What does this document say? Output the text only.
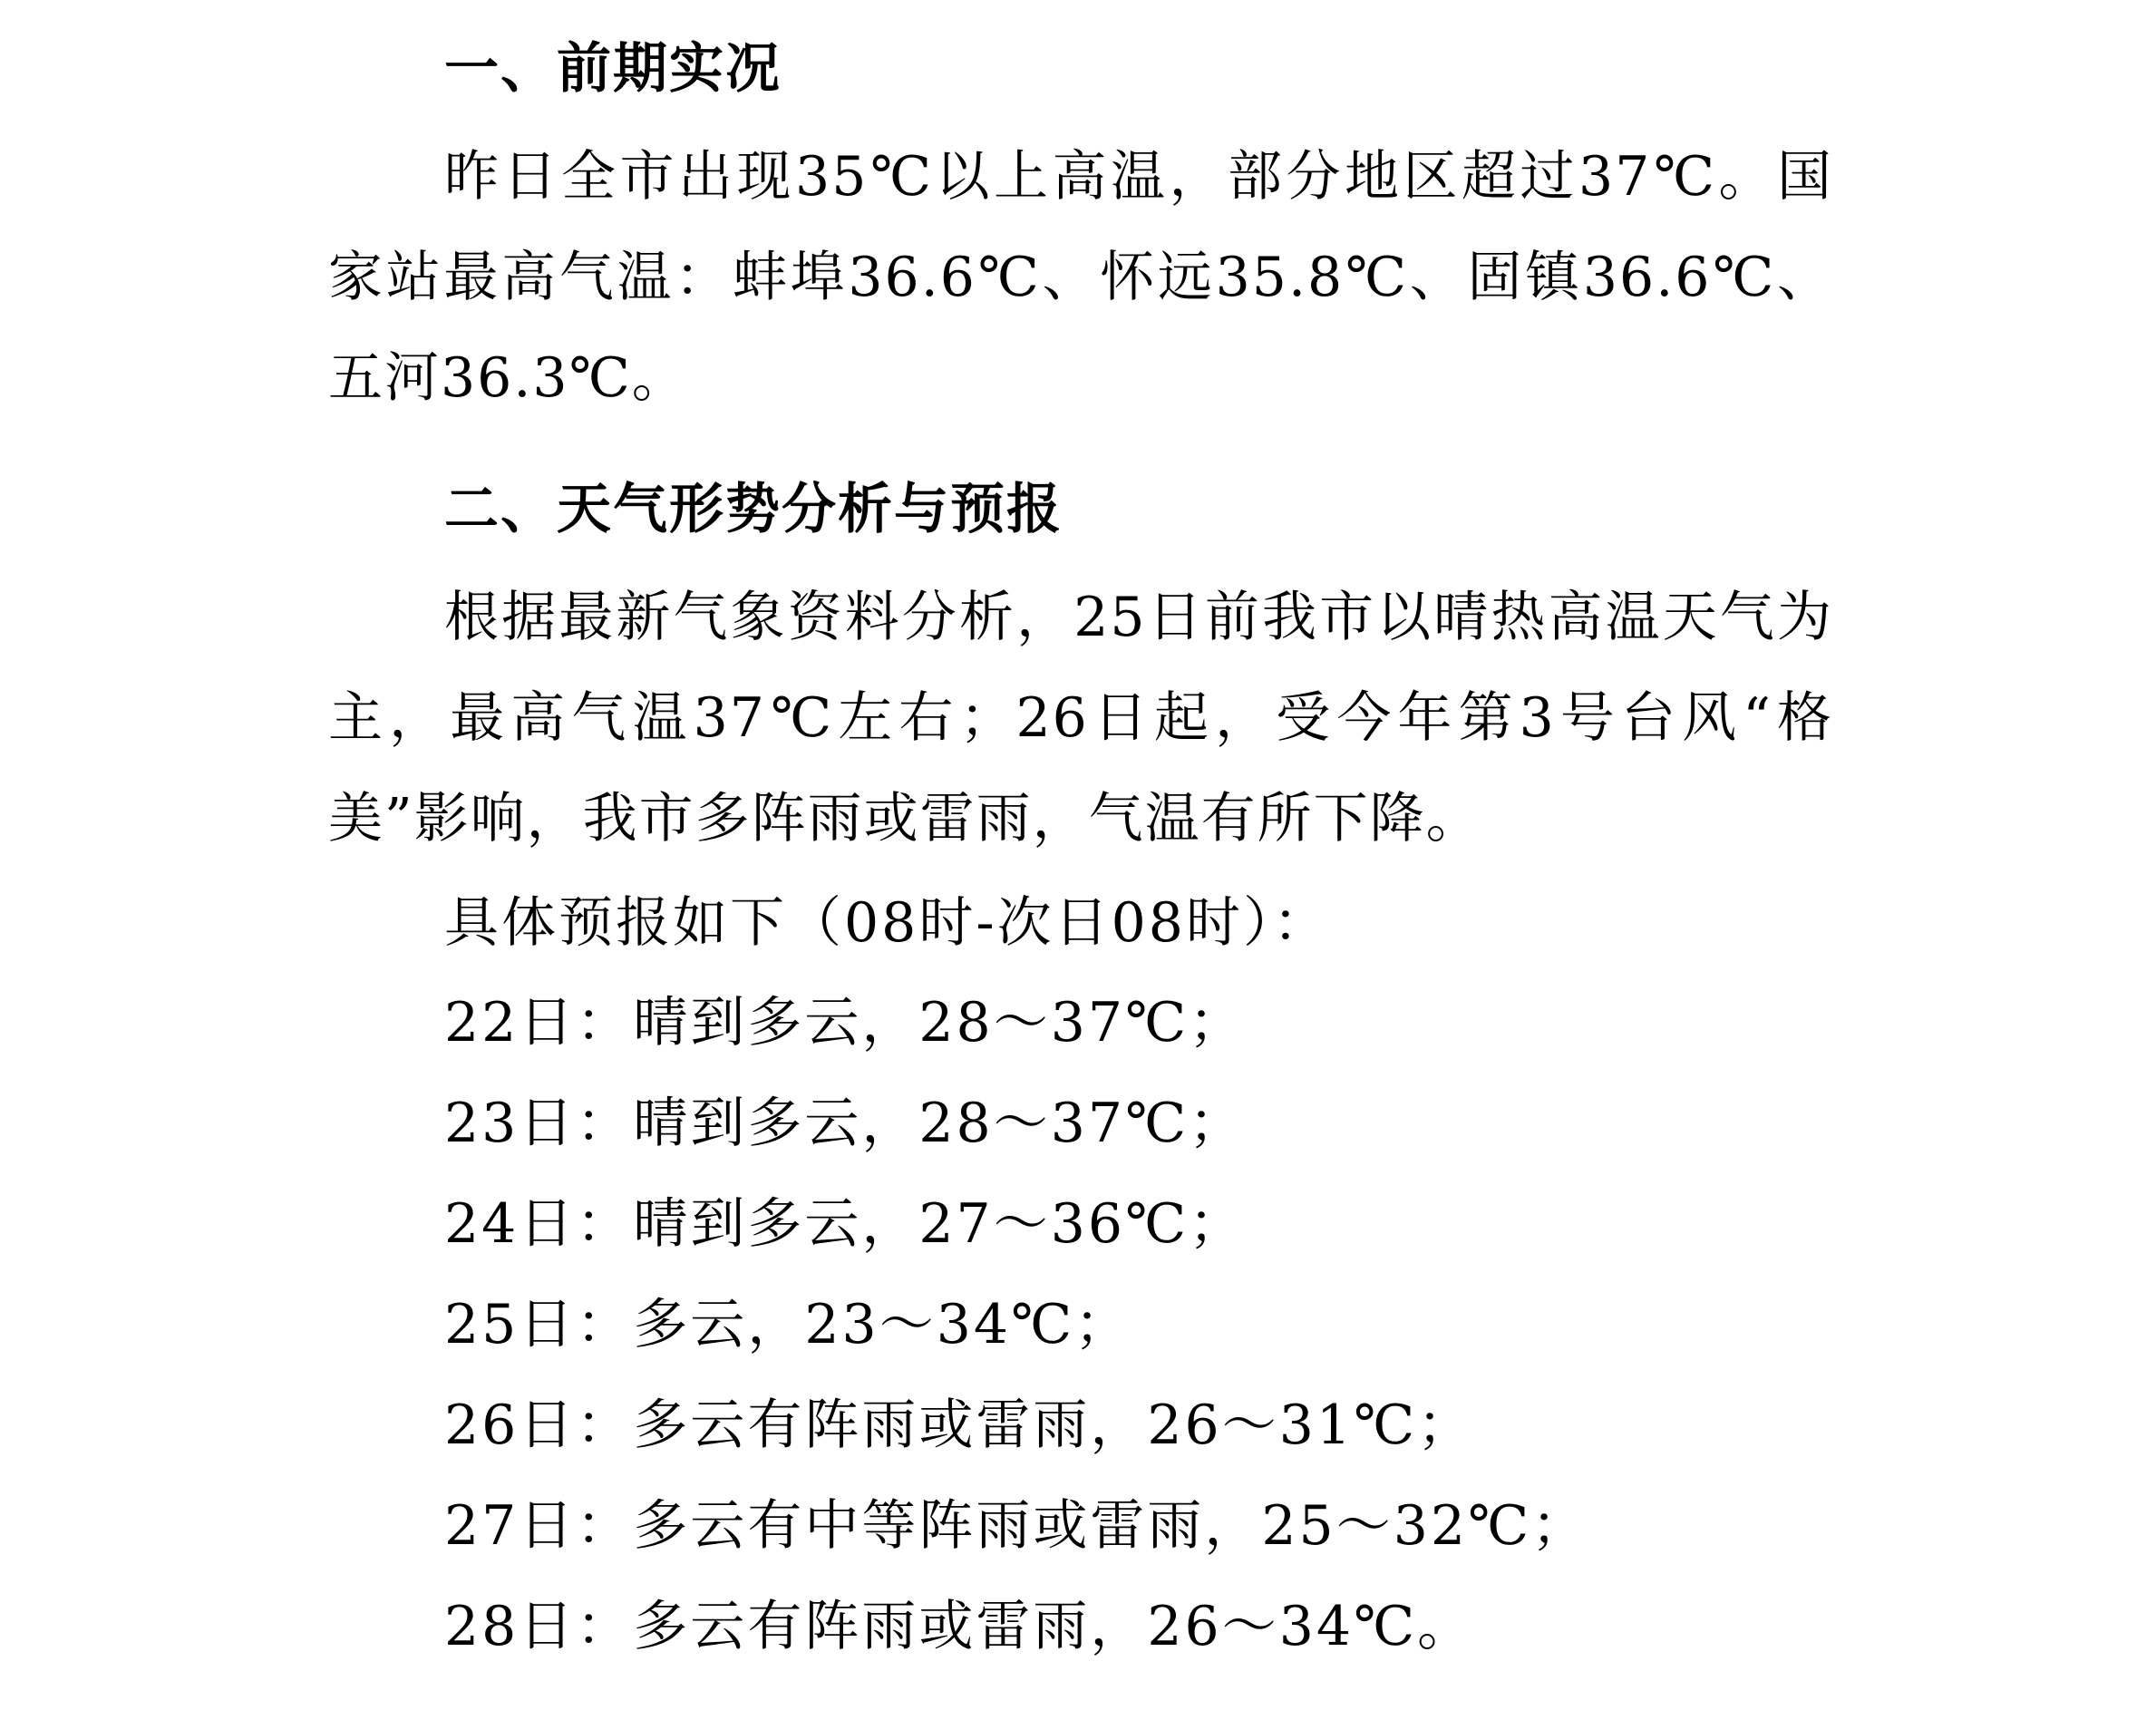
一、前期实况

昨日全市出现35℃以上高温，部分地区超过37℃。国家站最高气温：蚌埠36.6℃、怀远35.8℃、固镇36.6℃、五河36.3℃。

二、天气形势分析与预报

根据最新气象资料分析，25日前我市以晴热高温天气为主，最高气温37℃左右；26日起，受今年第3号台风“格美”影响，我市多阵雨或雷雨，气温有所下降。

具体预报如下（08时-次日08时）：
22日：晴到多云，28～37℃；
23日：晴到多云，28～37℃；
24日：晴到多云，27～36℃；
25日：多云，23～34℃；
26日：多云有阵雨或雷雨，26～31℃；
27日：多云有中等阵雨或雷雨，25～32℃；
28日：多云有阵雨或雷雨，26～34℃。
